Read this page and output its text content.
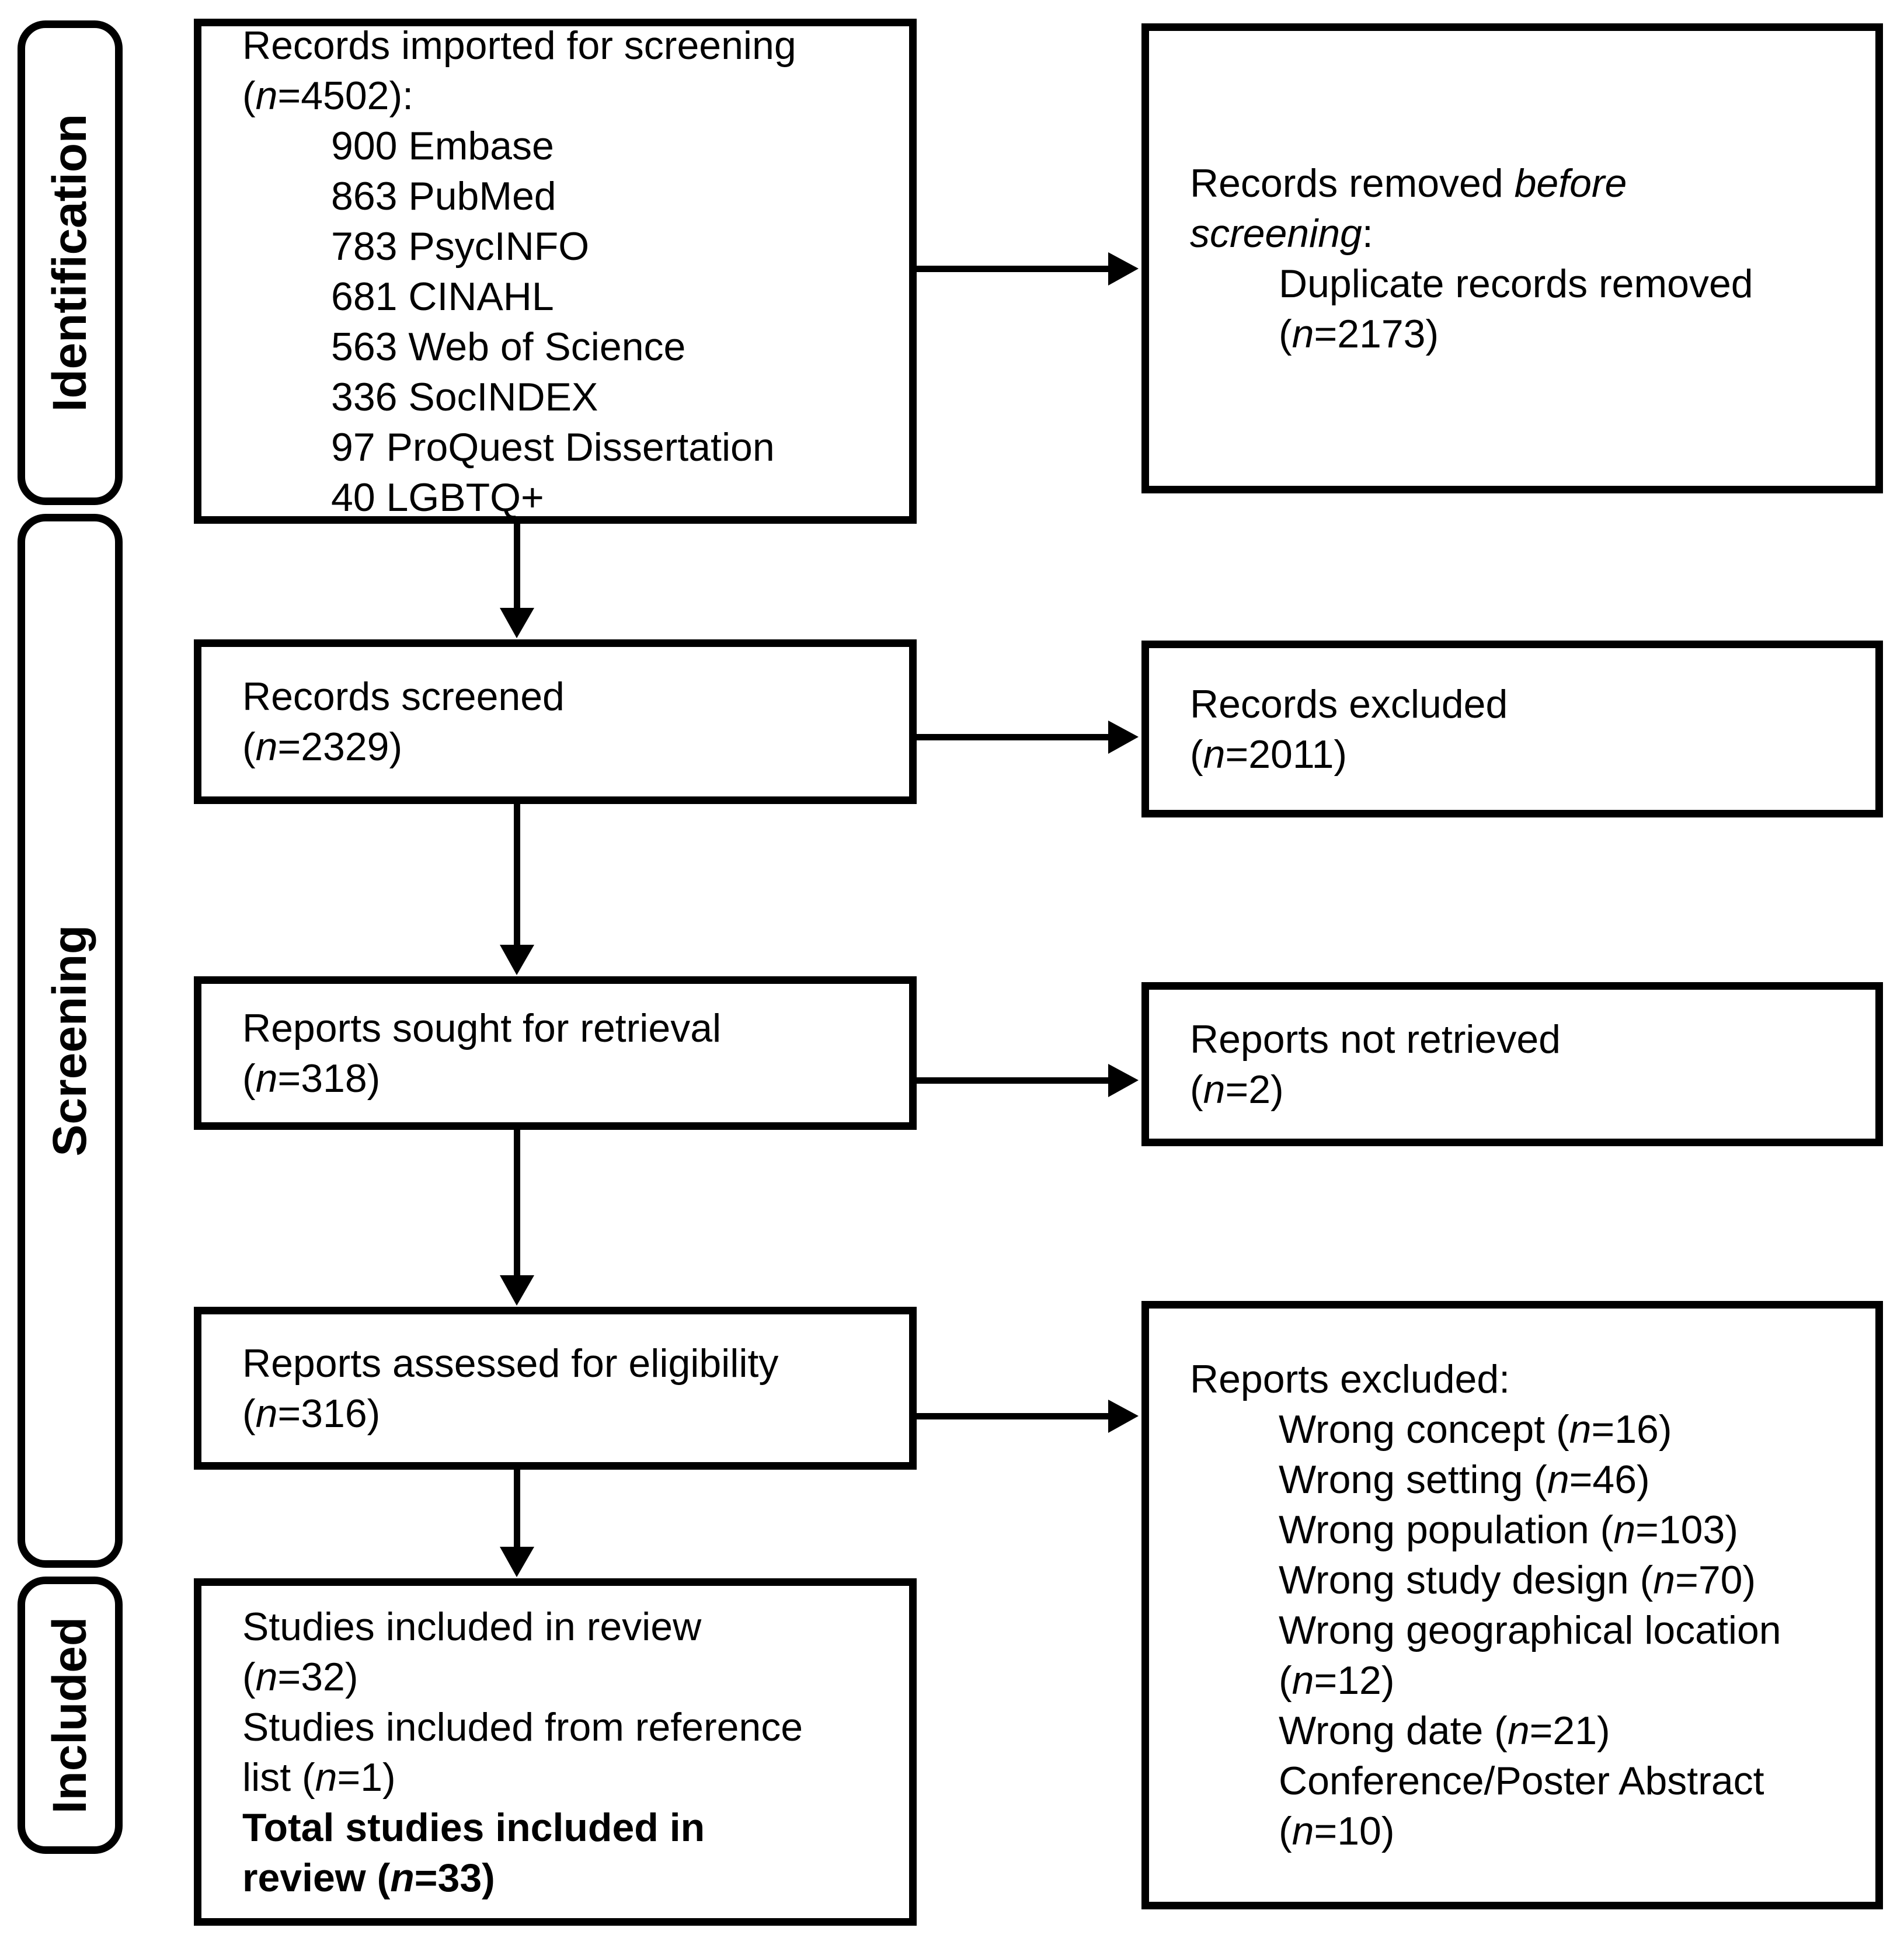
Identification
Screening
Included
Records imported for screening
(n=4502):
900 Embase
863 PubMed
783 PsycINFO
681 CINAHL
563 Web of Science
336 SocINDEX
97 ProQuest Dissertation
40 LGBTQ+
Records screened
(n=2329)
Reports sought for retrieval
(n=318)
Reports assessed for eligibility
(n=316)
Studies included in review
(n=32)
Studies included from reference
list (n=1)
Total studies included in
review (n=33)
Records removed before
screening:
Duplicate records removed
(n=2173)
Records excluded
(n=2011)
Reports not retrieved
(n=2)
Reports excluded:
Wrong concept (n=16)
Wrong setting (n=46)
Wrong population (n=103)
Wrong study design (n=70)
Wrong geographical location
(n=12)
Wrong date (n=21)
Conference/Poster Abstract
(n=10)
